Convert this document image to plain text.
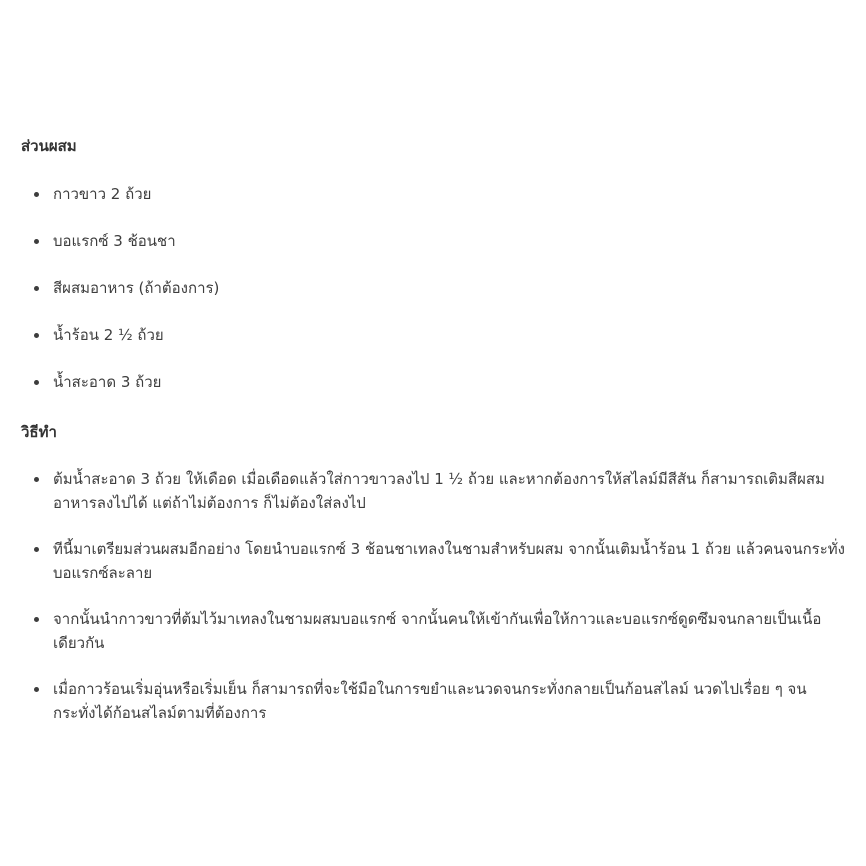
ส่วนผสม
กาวขาว 2 ถ้วย
บอแรกซ์ 3 ช้อนชา
สีผสมอาหาร (ถ้าต้องการ)
น้ำร้อน 2 ½ ถ้วย
น้ำสะอาด 3 ถ้วย
วิธีทำ
ต้มน้ำสะอาด 3 ถ้วย ให้เดือด เมื่อเดือดแล้วใส่กาวขาวลงไป 1 ½ ถ้วย และหากต้องการให้สไลม์มีสีสัน ก็สามารถเติมสีผสมอาหารลงไปได้ แต่ถ้าไม่ต้องการ ก็ไม่ต้องใส่ลงไป
ทีนี้มาเตรียมส่วนผสมอีกอย่าง โดยนำบอแรกซ์ 3 ช้อนชาเทลงในชามสำหรับผสม จากนั้นเติมน้ำร้อน 1 ถ้วย แล้วคนจนกระทั่งบอแรกซ์ละลาย
จากนั้นนำกาวขาวที่ต้มไว้มาเทลงในชามผสมบอแรกซ์ จากนั้นคนให้เข้ากันเพื่อให้กาวและบอแรกซ์ดูดซึมจนกลายเป็นเนื้อเดียวกัน
เมื่อกาวร้อนเริ่มอุ่นหรือเริ่มเย็น ก็สามารถที่จะใช้มือในการขยำและนวดจนกระทั่งกลายเป็นก้อนสไลม์ นวดไปเรื่อย ๆ จนกระทั่งได้ก้อนสไลม์ตามที่ต้องการ
